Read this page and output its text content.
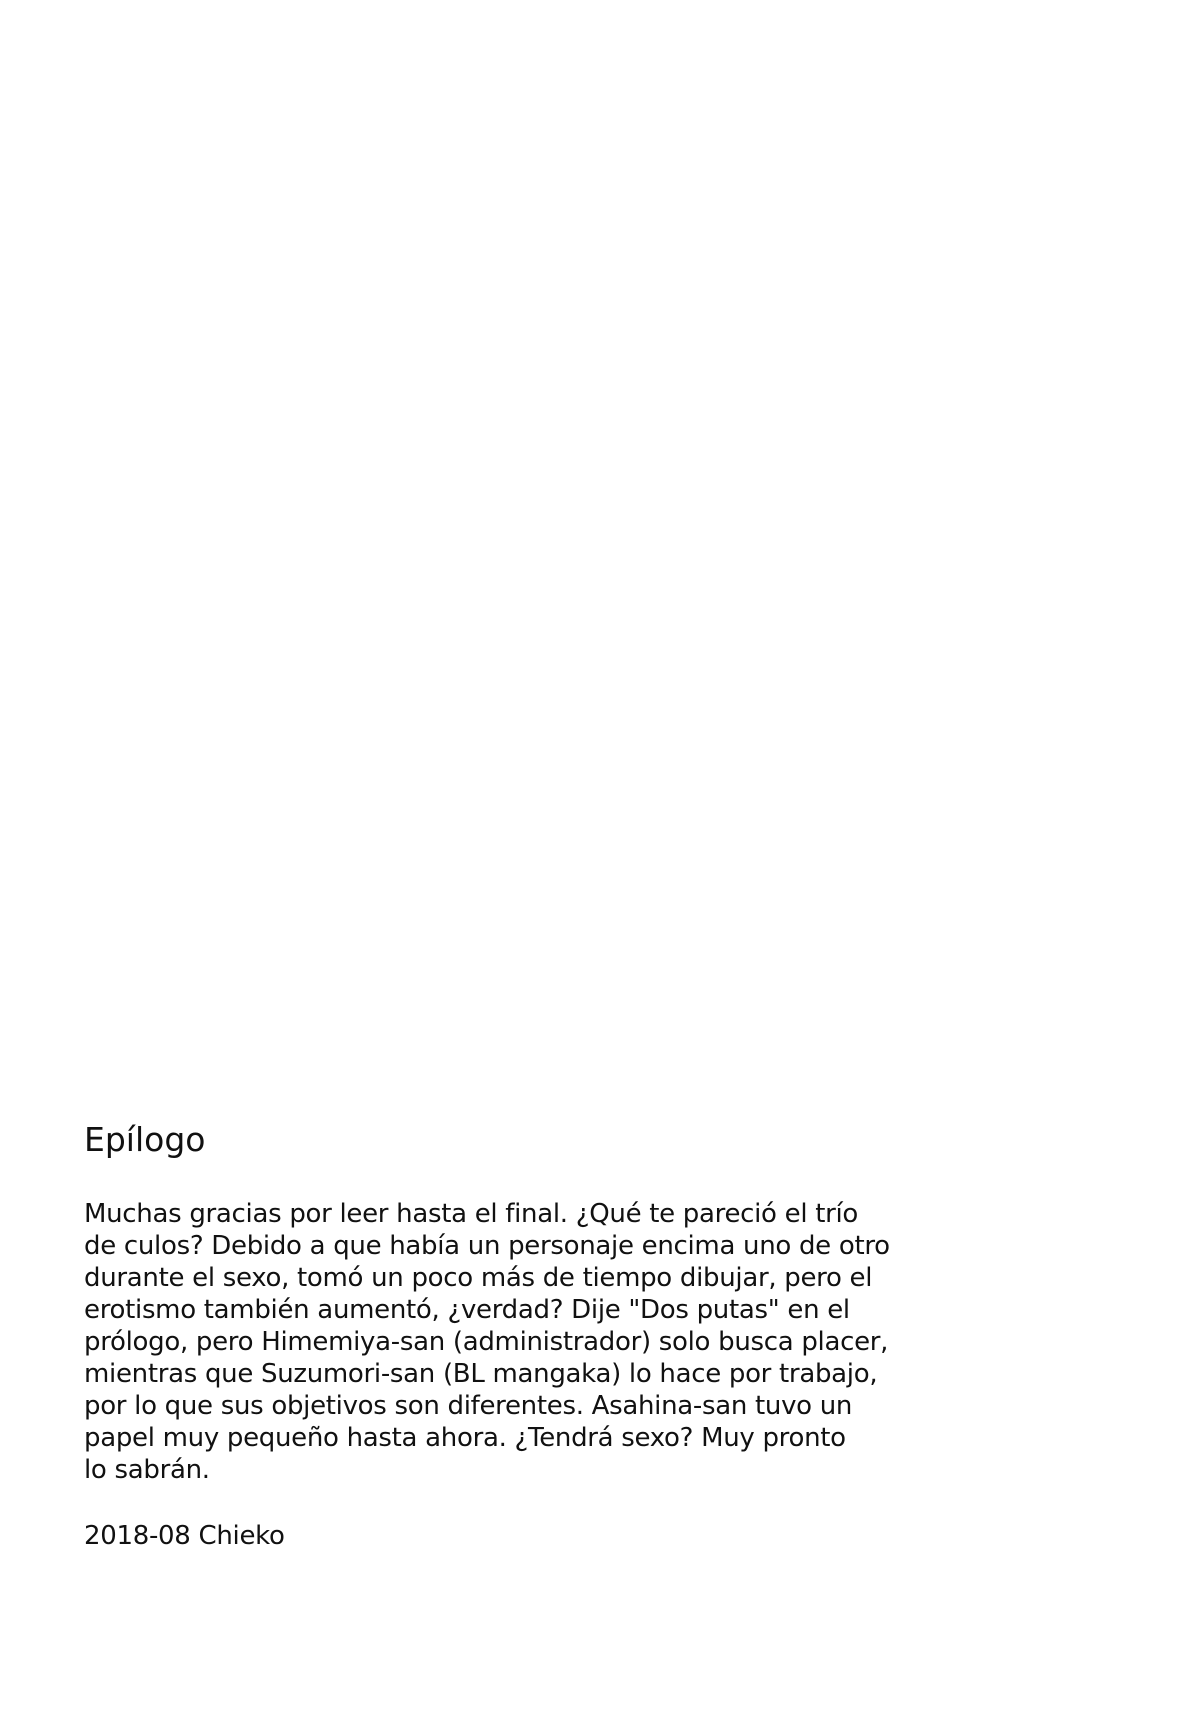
Epílogo
Muchas gracias por leer hasta el final. ¿Qué te pareció el trío
de culos? Debido a que había un personaje encima uno de otro
durante el sexo, tomó un poco más de tiempo dibujar, pero el
erotismo también aumentó, ¿verdad? Dije "Dos putas" en el
prólogo, pero Himemiya-san (administrador) solo busca placer,
mientras que Suzumori-san (BL mangaka) lo hace por trabajo,
por lo que sus objetivos son diferentes. Asahina-san tuvo un
papel muy pequeño hasta ahora. ¿Tendrá sexo? Muy pronto
lo sabrán.
2018-08 Chieko
